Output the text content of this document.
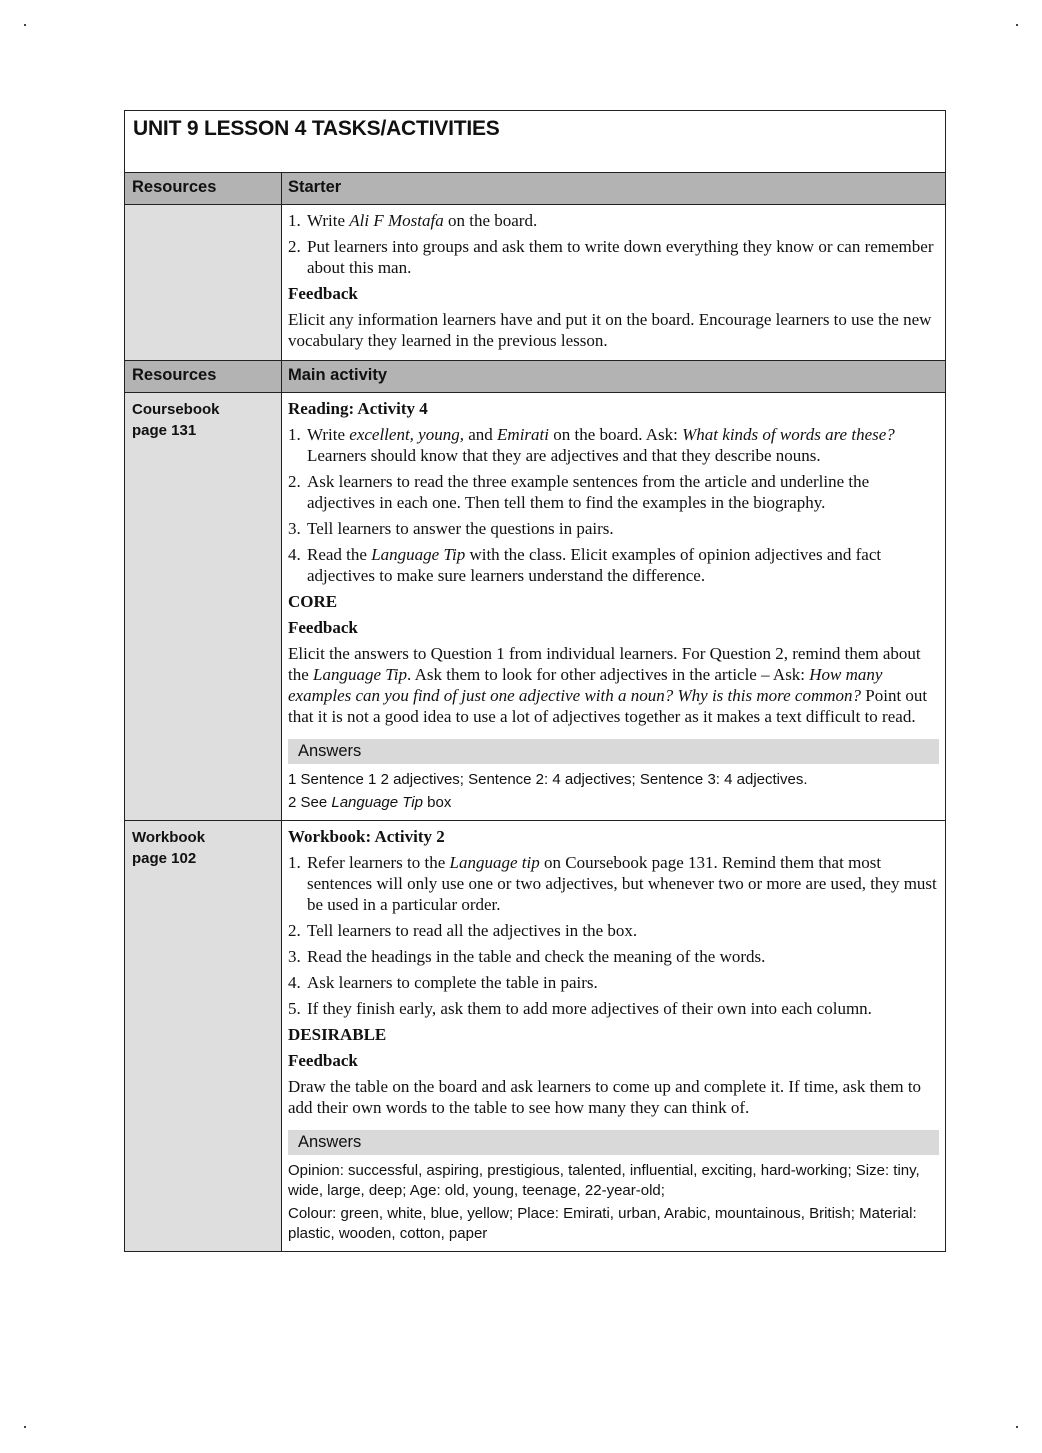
UNIT 9 LESSON 4 TASKS/ACTIVITIES
Resources	Starter
1. Write Ali F Mostafa on the board.
2. Put learners into groups and ask them to write down everything they know or can remember about this man.
Feedback
Elicit any information learners have and put it on the board. Encourage learners to use the new vocabulary they learned in the previous lesson.
Resources	Main activity
Coursebook
page 131
Reading: Activity 4
1. Write excellent, young, and Emirati on the board. Ask: What kinds of words are these? Learners should know that they are adjectives and that they describe nouns.
2. Ask learners to read the three example sentences from the article and underline the adjectives in each one. Then tell them to find the examples in the biography.
3. Tell learners to answer the questions in pairs.
4. Read the Language Tip with the class. Elicit examples of opinion adjectives and fact adjectives to make sure learners understand the difference.
CORE
Feedback
Elicit the answers to Question 1 from individual learners. For Question 2, remind them about the Language Tip. Ask them to look for other adjectives in the article – Ask: How many examples can you find of just one adjective with a noun? Why is this more common? Point out that it is not a good idea to use a lot of adjectives together as it makes a text difficult to read.
Answers
1 Sentence 1 2 adjectives; Sentence 2: 4 adjectives; Sentence 3: 4 adjectives.
2 See Language Tip box
Workbook
page 102
Workbook: Activity 2
1. Refer learners to the Language tip on Coursebook page 131. Remind them that most sentences will only use one or two adjectives, but whenever two or more are used, they must be used in a particular order.
2. Tell learners to read all the adjectives in the box.
3. Read the headings in the table and check the meaning of the words.
4. Ask learners to complete the table in pairs.
5. If they finish early, ask them to add more adjectives of their own into each column.
DESIRABLE
Feedback
Draw the table on the board and ask learners to come up and complete it. If time, ask them to add their own words to the table to see how many they can think of.
Answers
Opinion: successful, aspiring, prestigious, talented, influential, exciting, hard-working; Size: tiny, wide, large, deep; Age: old, young, teenage, 22-year-old;
Colour: green, white, blue, yellow; Place: Emirati, urban, Arabic, mountainous, British; Material: plastic, wooden, cotton, paper
